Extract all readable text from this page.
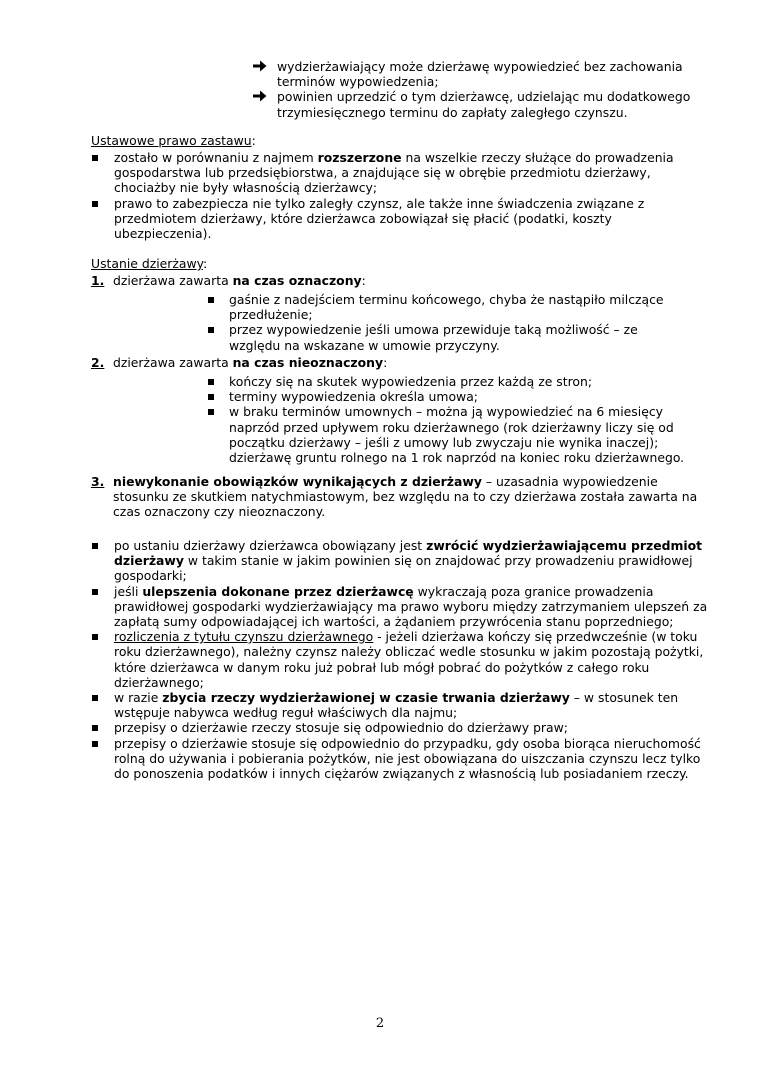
wydzierżawiający może dzierżawę wypowiedzieć bez zachowania terminów wypowiedzenia;
powinien uprzedzić o tym dzierżawcę, udzielając mu dodatkowego trzymiesięcznego terminu do zapłaty zaległego czynszu.
Ustawowe prawo zastawu:
zostało w porównaniu z najmem rozszerzone na wszelkie rzeczy służące do prowadzenia gospodarstwa lub przedsiębiorstwa, a znajdujące się w obrębie przedmiotu dzierżawy, chociażby nie były własnością dzierżawcy;
prawo to zabezpiecza nie tylko zaległy czynsz, ale także inne świadczenia związane z przedmiotem dzierżawy, które dzierżawca zobowiązał się płacić (podatki, koszty ubezpieczenia).
Ustanie dzierżawy:
1. dzierżawa zawarta na czas oznaczony:
gaśnie z nadejściem terminu końcowego, chyba że nastąpiło milczące przedłużenie;
przez wypowiedzenie jeśli umowa przewiduje taką możliwość – ze względu na wskazane w umowie przyczyny.
2. dzierżawa zawarta na czas nieoznaczony:
kończy się na skutek wypowiedzenia przez każdą ze stron;
terminy wypowiedzenia określa umowa;
w braku terminów umownych – można ją wypowiedzieć na 6 miesięcy naprzód przed upływem roku dzierżawnego (rok dzierżawny liczy się od początku dzierżawy – jeśli z umowy lub zwyczaju nie wynika inaczej); dzierżawę gruntu rolnego na 1 rok naprzód na koniec roku dzierżawnego.
3. niewykonanie obowiązków wynikających z dzierżawy – uzasadnia wypowiedzenie stosunku ze skutkiem natychmiastowym, bez względu na to czy dzierżawa została zawarta na czas oznaczony czy nieoznaczony.
po ustaniu dzierżawy dzierżawca obowiązany jest zwrócić wydzierżawiającemu przedmiot dzierżawy w takim stanie w jakim powinien się on znajdować przy prowadzeniu prawidłowej gospodarki;
jeśli ulepszenia dokonane przez dzierżawcę wykraczają poza granice prowadzenia prawidłowej gospodarki wydzierżawiający ma prawo wyboru między zatrzymaniem ulepszeń za zapłatą sumy odpowiadającej ich wartości, a żądaniem przywrócenia stanu poprzedniego;
rozliczenia z tytułu czynszu dzierżawnego - jeżeli dzierżawa kończy się przedwcześnie (w toku roku dzierżawnego), należny czynsz należy obliczać wedle stosunku w jakim pozostają pożytki, które dzierżawca w danym roku już pobrał lub mógł pobrać do pożytków z całego roku dzierżawnego;
w razie zbycia rzeczy wydzierżawionej w czasie trwania dzierżawy – w stosunek ten wstępuje nabywca według reguł właściwych dla najmu;
przepisy o dzierżawie rzeczy stosuje się odpowiednio do dzierżawy praw;
przepisy o dzierżawie stosuje się odpowiednio do przypadku, gdy osoba biorąca nieruchomość rolną do używania i pobierania pożytków, nie jest obowiązana do uiszczania czynszu lecz tylko do ponoszenia podatków i innych ciężarów związanych z własnością lub posiadaniem rzeczy.
2
